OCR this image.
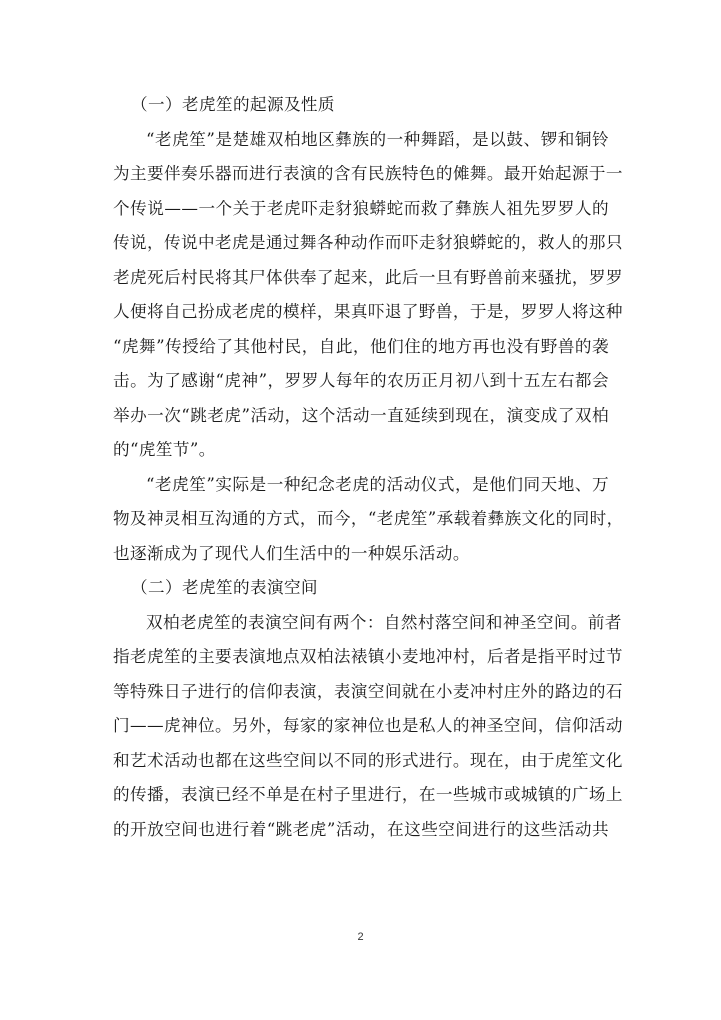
（一）老虎笙的起源及性质
“老虎笙”是楚雄双柏地区彝族的一种舞蹈，是以鼓、锣和铜铃
为主要伴奏乐器而进行表演的含有民族特色的傩舞。最开始起源于一
个传说——一个关于老虎吓走豺狼蟒蛇而救了彝族人祖先罗罗人的
传说，传说中老虎是通过舞各种动作而吓走豺狼蟒蛇的，救人的那只
老虎死后村民将其尸体供奉了起来，此后一旦有野兽前来骚扰，罗罗
人便将自己扮成老虎的模样，果真吓退了野兽，于是，罗罗人将这种
“虎舞”传授给了其他村民，自此，他们住的地方再也没有野兽的袭
击。为了感谢“虎神”，罗罗人每年的农历正月初八到十五左右都会
举办一次“跳老虎”活动，这个活动一直延续到现在，演变成了双柏
的“虎笙节”。
“老虎笙”实际是一种纪念老虎的活动仪式，是他们同天地、万
物及神灵相互沟通的方式，而今，“老虎笙”承载着彝族文化的同时，
也逐渐成为了现代人们生活中的一种娱乐活动。
（二）老虎笙的表演空间
双柏老虎笙的表演空间有两个：自然村落空间和神圣空间。前者
指老虎笙的主要表演地点双柏法裱镇小麦地冲村，后者是指平时过节
等特殊日子进行的信仰表演，表演空间就在小麦冲村庄外的路边的石
门——虎神位。另外，每家的家神位也是私人的神圣空间，信仰活动
和艺术活动也都在这些空间以不同的形式进行。现在，由于虎笙文化
的传播，表演已经不单是在村子里进行，在一些城市或城镇的广场上
的开放空间也进行着“跳老虎”活动，在这些空间进行的这些活动共
2
